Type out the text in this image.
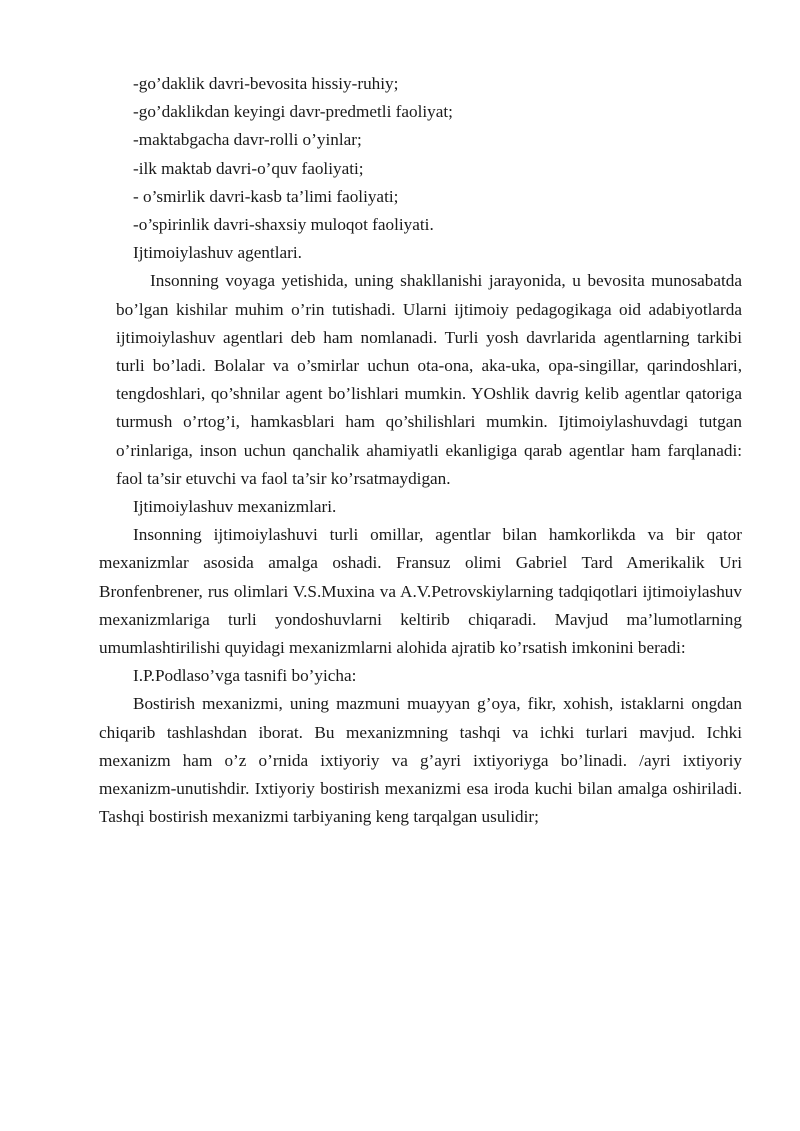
-go’daklik davri-bevosita hissiy-ruhiy;

-go’daklikdan keyingi davr-predmetli faoliyat;

-maktabgacha davr-rolli o’yinlar;

-ilk maktab davri-o’quv faoliyati;

- o’smirlik davri-kasb ta’limi faoliyati;

-o’spirinlik davri-shaxsiy muloqot faoliyati.

Ijtimoiylashuv agentlari.

Insonning voyaga yetishida, uning shakllanishi jarayonida, u bevosita munosabatda bo’lgan kishilar muhim o’rin tutishadi. Ularni ijtimoiy pedagogikaga oid adabiyotlarda ijtimoiylashuv agentlari deb ham nomlanadi. Turli yosh davrlarida agentlarning tarkibi turli bo’ladi. Bolalar va o’smirlar uchun ota-ona, aka-uka, opa-singillar, qarindoshlari, tengdoshlari, qo’shnilar agent bo’lishlari mumkin. YOshlik davrig kelib agentlar qatoriga turmush o’rtog’i, hamkasblari ham qo’shilishlari mumkin. Ijtimoiylashuvdagi tutgan o’rinlariga, inson uchun qanchalik ahamiyatli ekanligiga qarab agentlar ham farqlanadi: faol ta’sir etuvchi va faol ta’sir ko’rsatmaydigan.

Ijtimoiylashuv mexanizmlari.

Insonning ijtimoiylashuvi turli omillar, agentlar bilan hamkorlikda va bir qator mexanizmlar asosida amalga oshadi. Fransuz olimi Gabriel Tard Amerikalik Uri Bronfenbrener, rus olimlari V.S.Muxina va A.V.Petrovskiylarning tadqiqotlari ijtimoiylashuv mexanizmlariga turli yondoshuvlarni keltirib chiqaradi. Mavjud ma’lumotlarning umumlashtirilishi quyidagi mexanizmlarni alohida ajratib ko’rsatish imkonini beradi:

I.P.Podlaso’vga tasnifi bo’yicha:

Bostirish mexanizmi, uning mazmuni muayyan g’oya, fikr, xohish, istaklarni ongdan chiqarib tashlashdan iborat. Bu mexanizmning tashqi va ichki turlari mavjud. Ichki mexanizm ham o’z o’rnida ixtiyoriy va g’ayri ixtiyoriyga bo’linadi. /ayri ixtiyoriy mexanizm-unutishdir. Ixtiyoriy bostirish mexanizmi esa iroda kuchi bilan amalga oshiriladi. Tashqi bostirish mexanizmi tarbiyaning keng tarqalgan usulidir;
